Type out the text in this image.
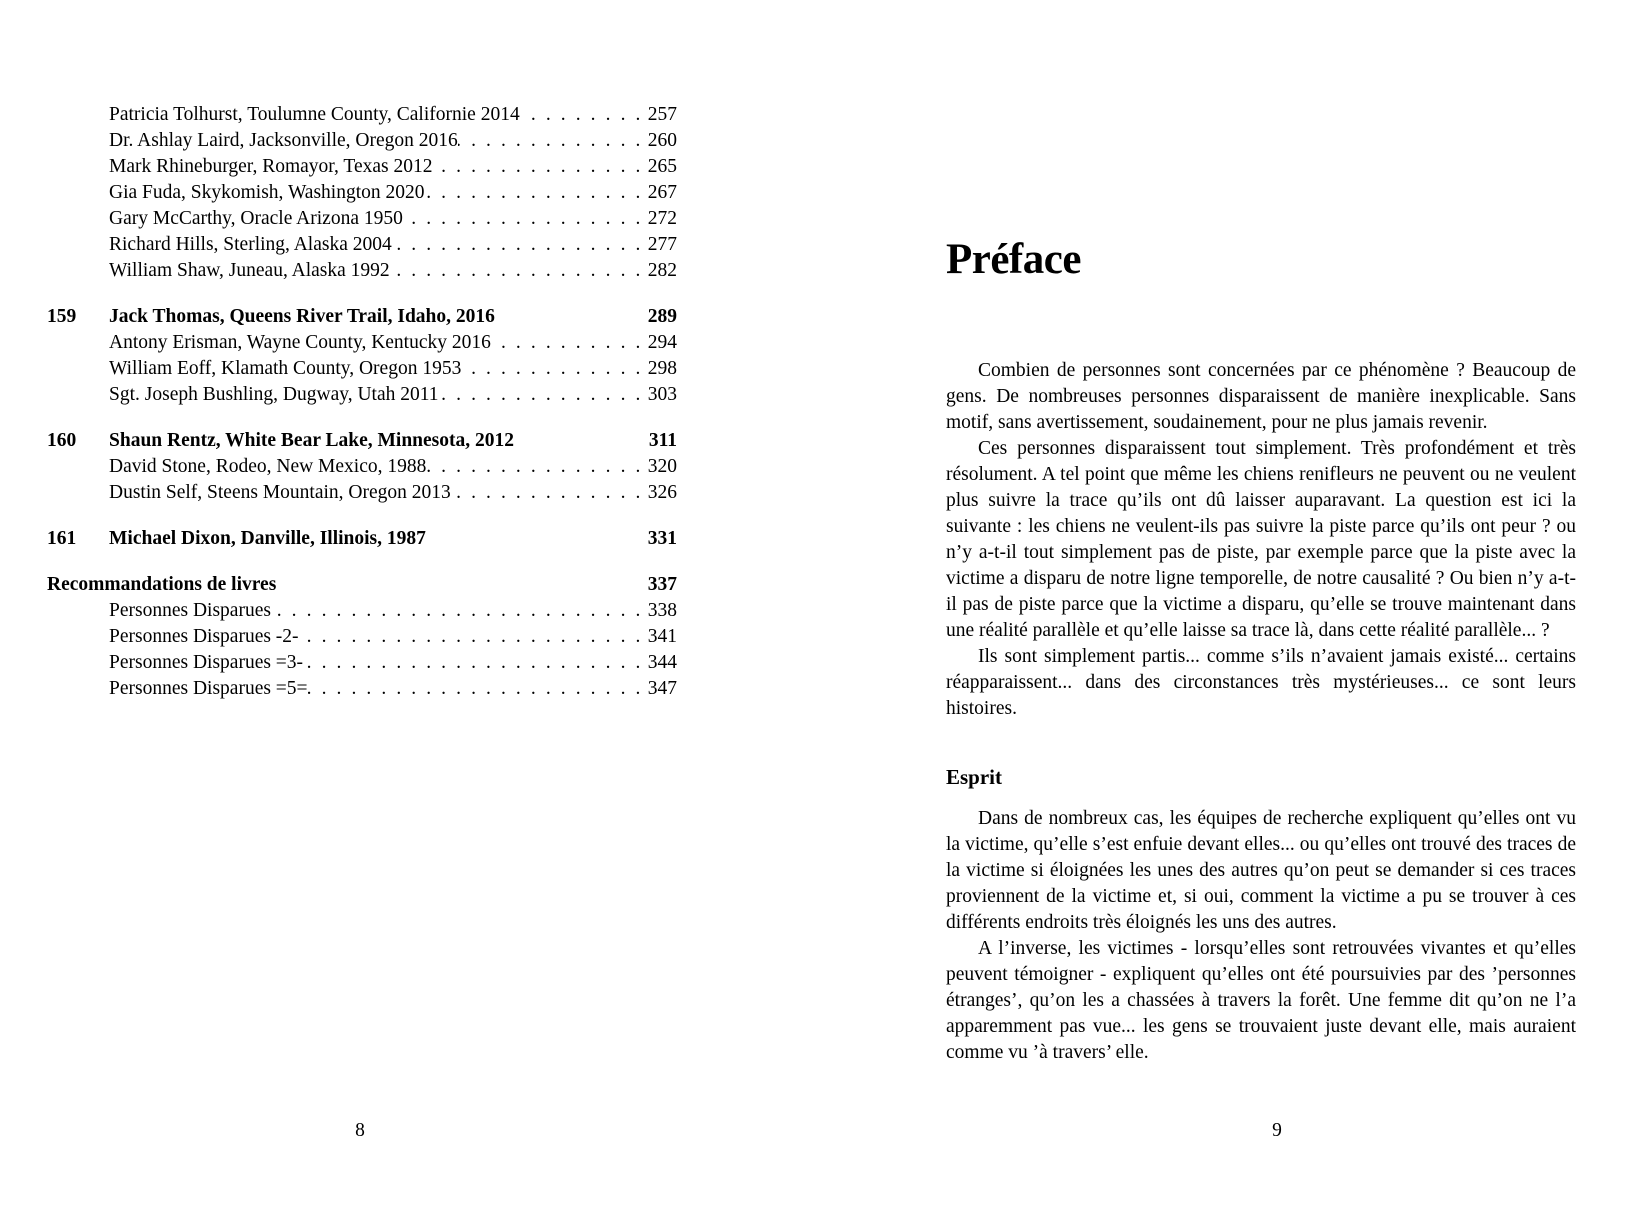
Patricia Tolhurst, Toulumne County, Californie 2014 . . .	257
Dr. Ashlay Laird, Jacksonville, Oregon 2016 . . .	260
Mark Rhineburger, Romayor, Texas 2012 . . .	265
Gia Fuda, Skykomish, Washington 2020 . . .	267
Gary McCarthy, Oracle Arizona 1950 . . .	272
Richard Hills, Sterling, Alaska 2004 . . .	277
William Shaw, Juneau, Alaska 1992 . . .	282
159	Jack Thomas, Queens River Trail, Idaho, 2016	289
Antony Erisman, Wayne County, Kentucky 2016 . . .	294
William Eoff, Klamath County, Oregon 1953 . . .	298
Sgt. Joseph Bushling, Dugway, Utah 2011 . . .	303
160	Shaun Rentz, White Bear Lake, Minnesota, 2012	311
David Stone, Rodeo, New Mexico, 1988 . . .	320
Dustin Self, Steens Mountain, Oregon 2013 . . .	326
161	Michael Dixon, Danville, Illinois, 1987	331
Recommandations de livres	337
Personnes Disparues . . .	338
Personnes Disparues -2- . . .	341
Personnes Disparues =3- . . .	344
Personnes Disparues =5= . . .	347
8
Préface

Combien de personnes sont concernées par ce phénomène ? Beaucoup de gens. De nombreuses personnes disparaissent de manière inexplicable. Sans motif, sans avertissement, soudainement, pour ne plus jamais revenir.

Ces personnes disparaissent tout simplement. Très profondément et très résolument. A tel point que même les chiens renifleurs ne peuvent ou ne veulent plus suivre la trace qu’ils ont dû laisser auparavant. La question est ici la suivante : les chiens ne veulent-ils pas suivre la piste parce qu’ils ont peur ? ou n’y a-t-il tout simplement pas de piste, par exemple parce que la piste avec la victime a disparu de notre ligne temporelle, de notre causalité ? Ou bien n’y a-t-il pas de piste parce que la victime a disparu, qu’elle se trouve maintenant dans une réalité parallèle et qu’elle laisse sa trace là, dans cette réalité parallèle... ?

Ils sont simplement partis... comme s’ils n’avaient jamais existé... certains réapparaissent... dans des circonstances très mystérieuses... ce sont leurs histoires.

Esprit

Dans de nombreux cas, les équipes de recherche expliquent qu’elles ont vu la victime, qu’elle s’est enfuie devant elles... ou qu’elles ont trouvé des traces de la victime si éloignées les unes des autres qu’on peut se demander si ces traces proviennent de la victime et, si oui, comment la victime a pu se trouver à ces différents endroits très éloignés les uns des autres.

A l’inverse, les victimes - lorsqu’elles sont retrouvées vivantes et qu’elles peuvent témoigner - expliquent qu’elles ont été poursuivies par des ’personnes étranges’, qu’on les a chassées à travers la forêt. Une femme dit qu’on ne l’a apparemment pas vue... les gens se trouvaient juste devant elle, mais auraient comme vu ’à travers’ elle.

9
